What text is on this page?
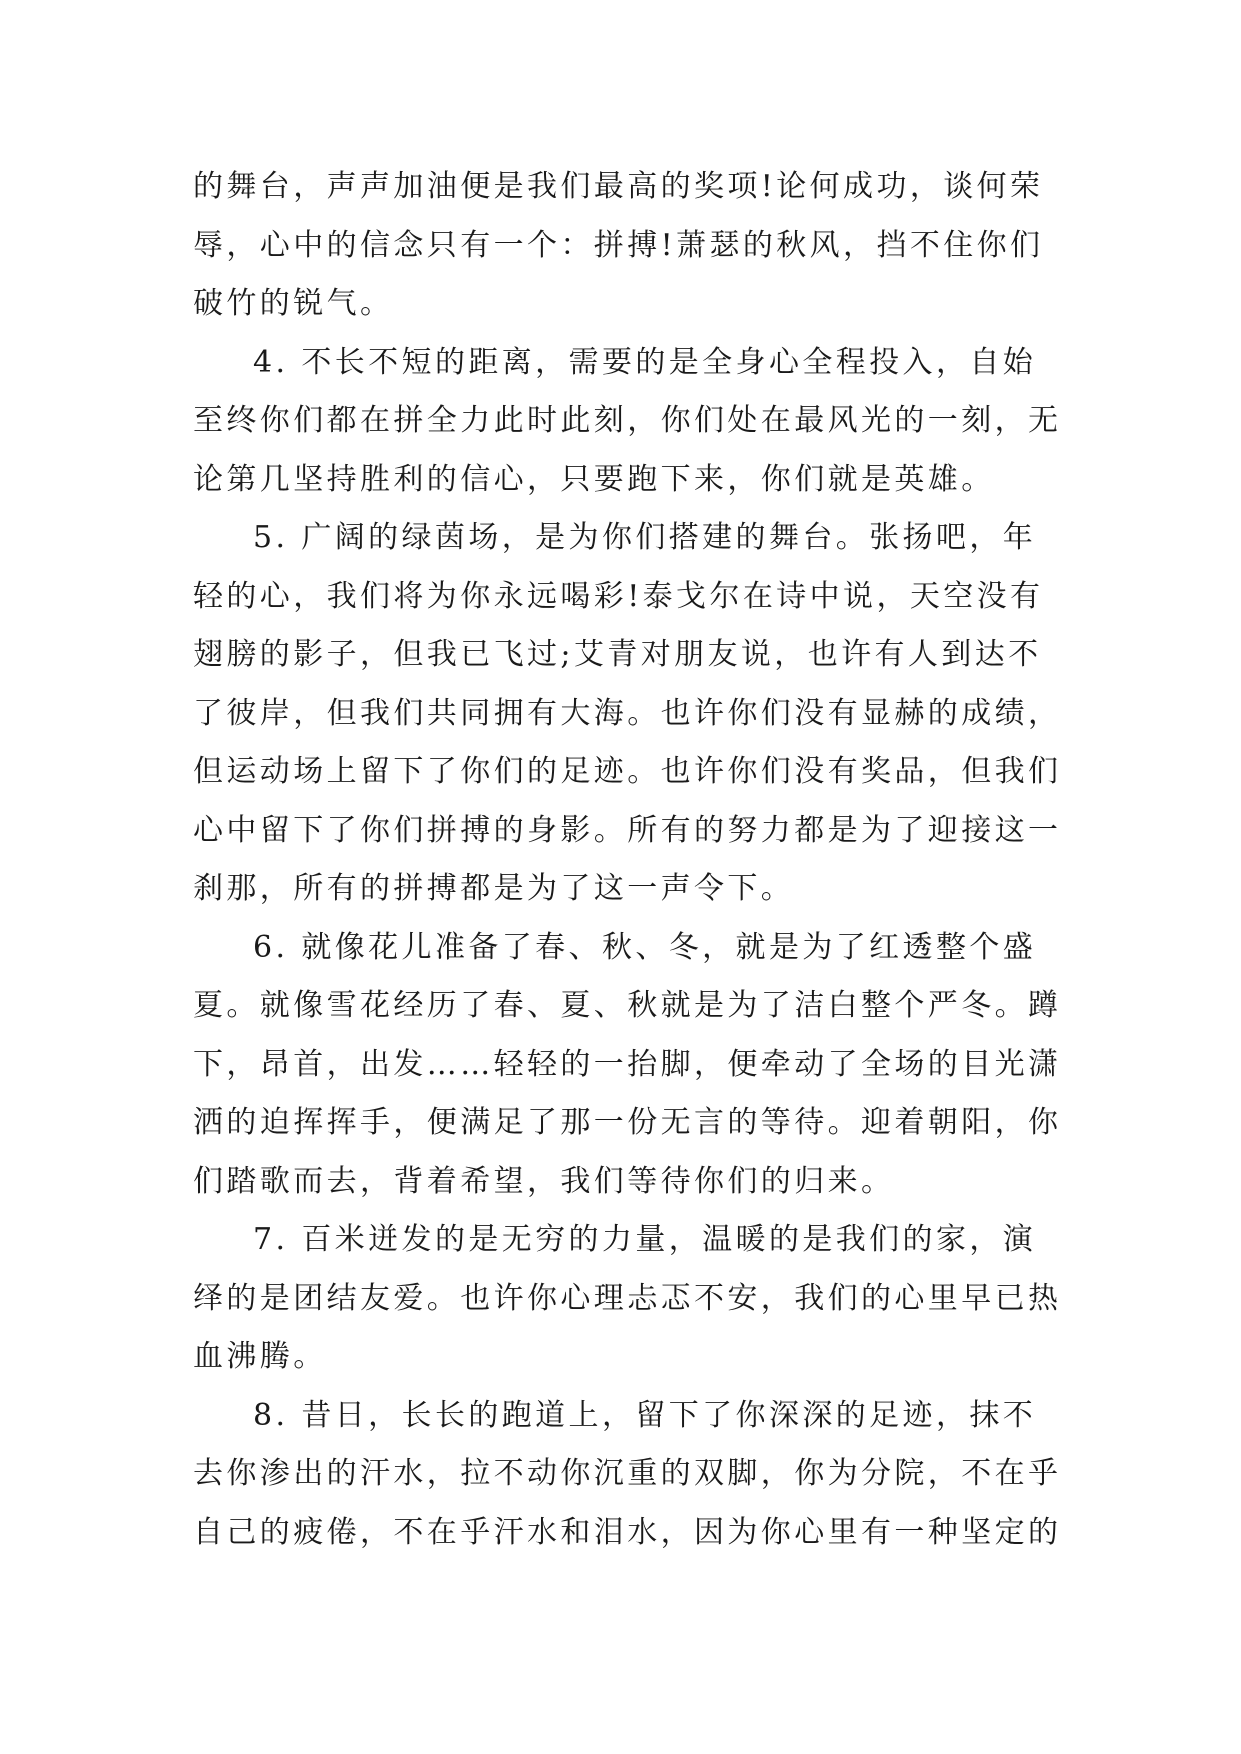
的舞台，声声加油便是我们最高的奖项!论何成功，谈何荣
辱，心中的信念只有一个：拼搏!萧瑟的秋风，挡不住你们
破竹的锐气。
4. 不长不短的距离，需要的是全身心全程投入，自始
至终你们都在拼全力此时此刻，你们处在最风光的一刻，无
论第几坚持胜利的信心，只要跑下来，你们就是英雄。
5. 广阔的绿茵场，是为你们搭建的舞台。张扬吧，年
轻的心，我们将为你永远喝彩!泰戈尔在诗中说，天空没有
翅膀的影子，但我已飞过;艾青对朋友说，也许有人到达不
了彼岸，但我们共同拥有大海。也许你们没有显赫的成绩，
但运动场上留下了你们的足迹。也许你们没有奖品，但我们
心中留下了你们拼搏的身影。所有的努力都是为了迎接这一
刹那，所有的拼搏都是为了这一声令下。
6. 就像花儿准备了春、秋、冬，就是为了红透整个盛
夏。就像雪花经历了春、夏、秋就是为了洁白整个严冬。蹲
下，昂首，出发……轻轻的一抬脚，便牵动了全场的目光潇
洒的迫挥挥手，便满足了那一份无言的等待。迎着朝阳，你
们踏歌而去，背着希望，我们等待你们的归来。
7. 百米迸发的是无穷的力量，温暖的是我们的家，演
绎的是团结友爱。也许你心理忐忑不安，我们的心里早已热
血沸腾。
8. 昔日，长长的跑道上，留下了你深深的足迹，抹不
去你渗出的汗水，拉不动你沉重的双脚，你为分院，不在乎
自己的疲倦，不在乎汗水和泪水，因为你心里有一种坚定的
